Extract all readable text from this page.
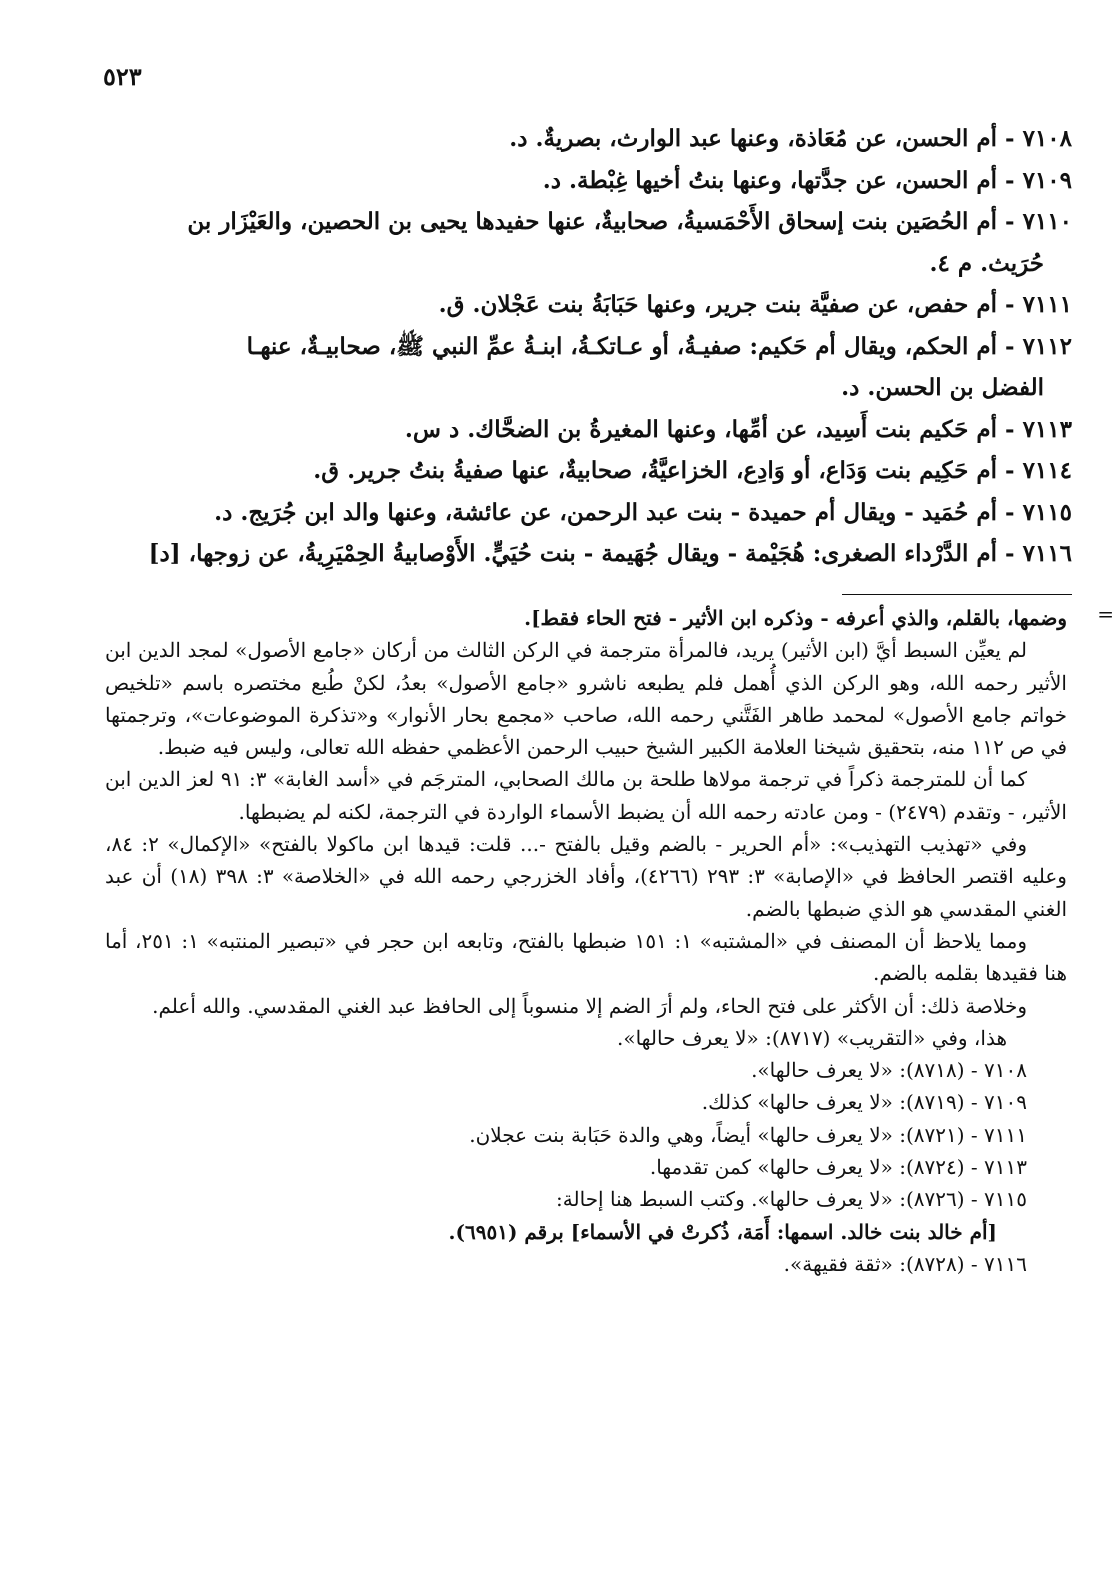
٥٢٣

٧١٠٨ - أم الحسن، عن مُعَاذة، وعنها عبد الوارث، بصريةٌ. د.

٧١٠٩ - أم الحسن، عن جدَّتها، وعنها بنتُ أخيها غِبْطة. د.

٧١١٠ - أم الحُصَين بنت إسحاق الأَحْمَسيةُ، صحابيةٌ، عنها حفيدها يحيى بن الحصين، والعَيْزَار بن

حُرَيث. م ٤.

٧١١١ - أم حفص، عن صفيَّة بنت جرير، وعنها حَبَابَةُ بنت عَجْلان. ق.

٧١١٢ - أم الحكم، ويقال أم حَكيم: صفيـةُ، أو عـاتكـةُ، ابنـةُ عمِّ النبي ﷺ، صحابيـةٌ، عنهـا

الفضل بن الحسن. د.

٧١١٣ - أم حَكيم بنت أَسِيد، عن أمِّها، وعنها المغيرةُ بن الضحَّاك. د س.

٧١١٤ - أم حَكِيم بنت وَدَاع، أو وَادِع، الخزاعيَّةُ، صحابيةٌ، عنها صفيةُ بنتُ جرير. ق.

٧١١٥ - أم حُمَيد - ويقال أم حميدة - بنت عبد الرحمن، عن عائشة، وعنها والد ابن جُرَيج. د.

٧١١٦ - أم الدَّرْداء الصغرى: هُجَيْمة - ويقال جُهَيمة - بنت حُيَيٍّ. الأَوْصابيةُ الحِمْيَرِيةُ، عن زوجها، [د]

=

وضمها، بالقلم، والذي أعرفه - وذكره ابن الأثير - فتح الحاء فقط].

لم يعيِّن السبط أيَّ (ابن الأثير) يريد، فالمرأة مترجمة في الركن الثالث من أركان «جامع الأصول» لمجد الدين ابن الأثير رحمه الله، وهو الركن الذي أُهمل فلم يطبعه ناشرو «جامع الأصول» بعدُ، لكنْ طُبع مختصره باسم «تلخيص خواتم جامع الأصول» لمحمد طاهر الفَتَّني رحمه الله، صاحب «مجمع بحار الأنوار» و«تذكرة الموضوعات»، وترجمتها في ص ١١٢ منه، بتحقيق شيخنا العلامة الكبير الشيخ حبيب الرحمن الأعظمي حفظه الله تعالى، وليس فيه ضبط.

كما أن للمترجمة ذكراً في ترجمة مولاها طلحة بن مالك الصحابي، المترجَم في «أسد الغابة» ٣: ٩١ لعز الدين ابن الأثير، - وتقدم (٢٤٧٩) - ومن عادته رحمه الله أن يضبط الأسماء الواردة في الترجمة، لكنه لم يضبطها.

وفي «تهذيب التهذيب»: «أم الحرير - بالضم وقيل بالفتح -... قلت: قيدها ابن ماكولا بالفتح» «الإكمال» ٢: ٨٤، وعليه اقتصر الحافظ في «الإصابة» ٣: ٢٩٣ (٤٢٦٦)، وأفاد الخزرجي رحمه الله في «الخلاصة» ٣: ٣٩٨ (١٨) أن عبد الغني المقدسي هو الذي ضبطها بالضم.

ومما يلاحظ أن المصنف في «المشتبه» ١: ١٥١ ضبطها بالفتح، وتابعه ابن حجر في «تبصير المنتبه» ١: ٢٥١، أما هنا فقيدها بقلمه بالضم.

وخلاصة ذلك: أن الأكثر على فتح الحاء، ولم أرَ الضم إلا منسوباً إلى الحافظ عبد الغني المقدسي. والله أعلم.

هذا، وفي «التقريب» (٨٧١٧): «لا يعرف حالها».

٧١٠٨ - (٨٧١٨): «لا يعرف حالها».

٧١٠٩ - (٨٧١٩): «لا يعرف حالها» كذلك.

٧١١١ - (٨٧٢١): «لا يعرف حالها» أيضاً، وهي والدة حَبَابة بنت عجلان.

٧١١٣ - (٨٧٢٤): «لا يعرف حالها» كمن تقدمها.

٧١١٥ - (٨٧٢٦): «لا يعرف حالها». وكتب السبط هنا إحالة:

[أم خالد بنت خالد. اسمها: أَمَة، ذُكرتْ في الأسماء] برقم (٦٩٥١).

٧١١٦ - (٨٧٢٨): «ثقة فقيهة».
